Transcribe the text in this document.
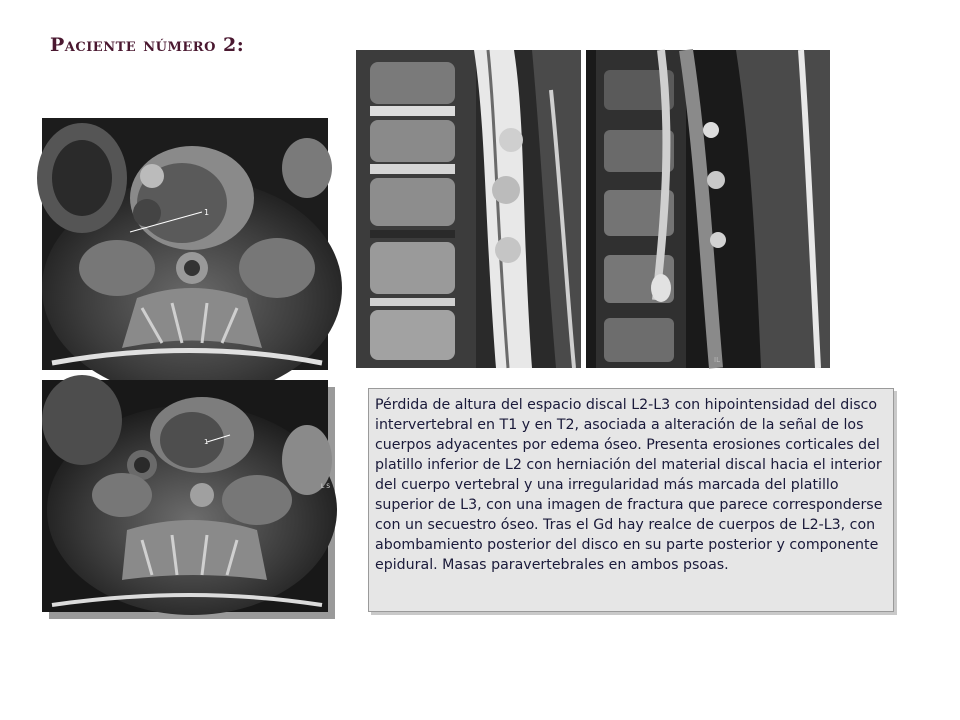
Paciente número 2:
1
1
L S
IL

Pérdida de altura del espacio discal L2-L3 con hipointensidad del disco intervertebral en T1 y en T2, asociada a alteración de la señal de los cuerpos adyacentes por edema óseo. Presenta erosiones corticales del platillo inferior de L2 con herniación del material discal hacia el interior del cuerpo vertebral y una irregularidad más marcada del platillo superior de L3, con una imagen de fractura que parece corresponderse con un secuestro óseo. Tras el Gd hay realce de cuerpos de L2-L3, con abombamiento posterior del disco en su parte posterior y componente epidural. Masas paravertebrales en ambos psoas.
